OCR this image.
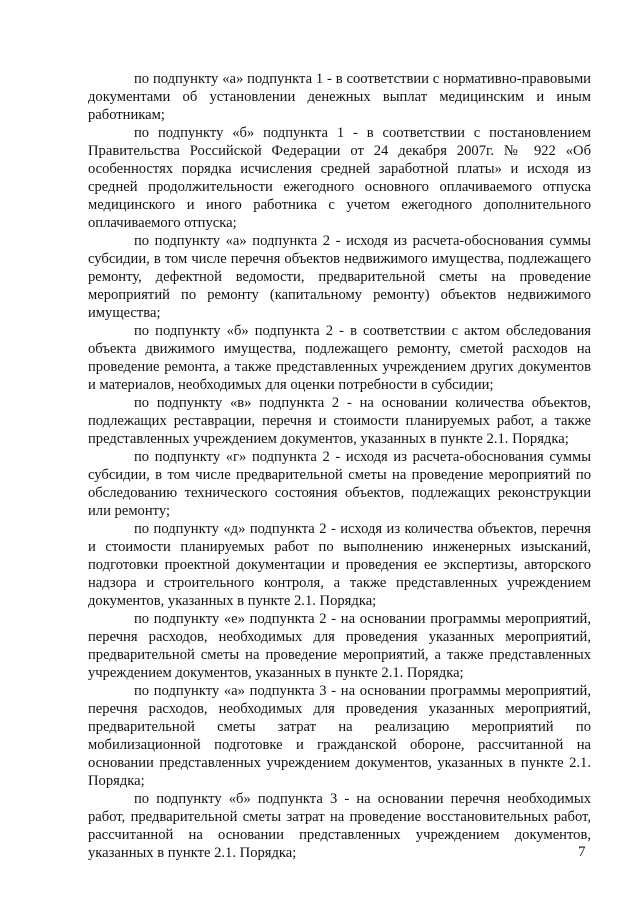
по подпункту «а» подпункта 1 - в соответствии с нормативно-правовыми документами об установлении денежных выплат медицинским и иным работникам;

по подпункту «б» подпункта 1 - в соответствии с постановлением Правительства Российской Федерации от 24 декабря 2007г. № 922 «Об особенностях порядка исчисления средней заработной платы» и исходя из средней продолжительности ежегодного основного оплачиваемого отпуска медицинского и иного работника с учетом ежегодного дополнительного оплачиваемого отпуска;

по подпункту «а» подпункта 2 - исходя из расчета-обоснования суммы субсидии, в том числе перечня объектов недвижимого имущества, подлежащего ремонту, дефектной ведомости, предварительной сметы на проведение мероприятий по ремонту (капитальному ремонту) объектов недвижимого имущества;

по подпункту «б» подпункта 2 - в соответствии с актом обследования объекта движимого имущества, подлежащего ремонту, сметой расходов на проведение ремонта, а также представленных учреждением других документов и материалов, необходимых для оценки потребности в субсидии;

по подпункту «в» подпункта 2 - на основании количества объектов, подлежащих реставрации, перечня и стоимости планируемых работ, а также представленных учреждением документов, указанных в пункте 2.1. Порядка;

по подпункту «г» подпункта 2 - исходя из расчета-обоснования суммы субсидии, в том числе предварительной сметы на проведение мероприятий по обследованию технического состояния объектов, подлежащих реконструкции или ремонту;

по подпункту «д» подпункта 2 - исходя из количества объектов, перечня и стоимости планируемых работ по выполнению инженерных изысканий, подготовки проектной документации и проведения ее экспертизы, авторского надзора и строительного контроля, а также представленных учреждением документов, указанных в пункте 2.1. Порядка;

по подпункту «е» подпункта 2 - на основании программы мероприятий, перечня расходов, необходимых для проведения указанных мероприятий, предварительной сметы на проведение мероприятий, а также представленных учреждением документов, указанных в пункте 2.1. Порядка;

по подпункту «а» подпункта 3 - на основании программы мероприятий, перечня расходов, необходимых для проведения указанных мероприятий, предварительной сметы затрат на реализацию мероприятий по мобилизационной подготовке и гражданской обороне, рассчитанной на основании представленных учреждением документов, указанных в пункте 2.1. Порядка;

по подпункту «б» подпункта 3 - на основании перечня необходимых работ, предварительной сметы затрат на проведение восстановительных работ, рассчитанной на основании представленных учреждением документов, указанных в пункте 2.1. Порядка;	7
